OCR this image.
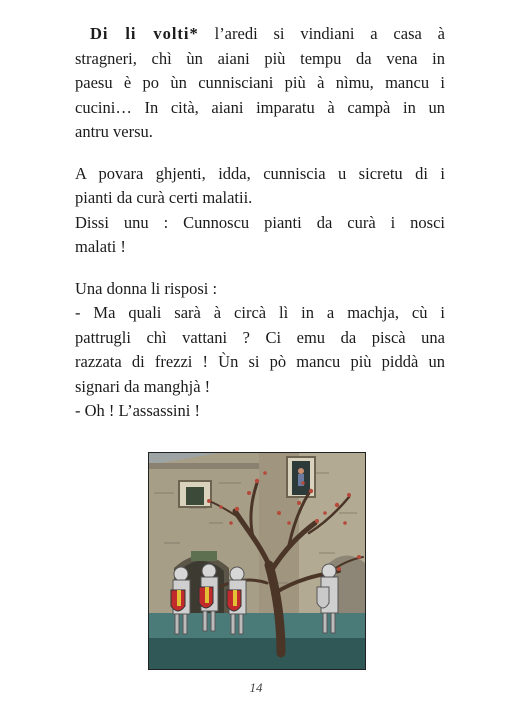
Di li volti* l’aredi si vindiani a casa à
stragneri, chì ùn aiani più tempu da vena in
paesu è po ùn cunnisciani più à nìmu, mancu i
cucini… In cità, aiani imparatu à campà in un
antru versu.

A povara ghjenti, idda, cunniscia u sicretu di i
pianti da curà certi malatii.
Dissi unu : Cunnoscu pianti da curà i nosci
malati !

Una donna li risposi :
- Ma quali sarà à circà lì in a machja, cù i
pattrugli chì vattani ? Ci emu da piscà una
razzata di frezzi ! Ùn si pò mancu più piddà un
signari da manghjà !
- Oh ! L’assassini !

14
